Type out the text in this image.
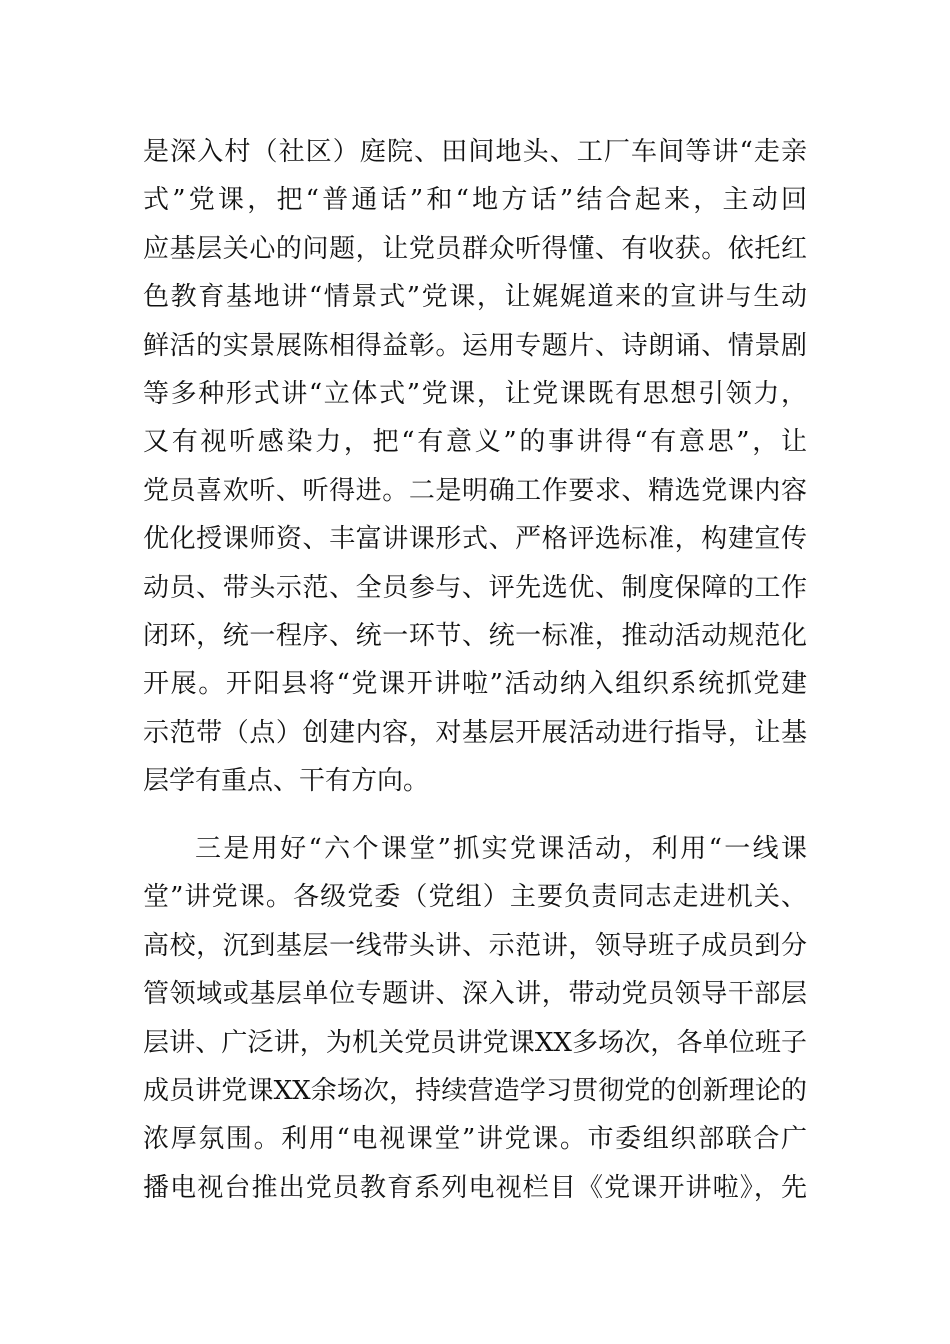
是深入村（社区）庭院、田间地头、工厂车间等讲“走亲
式”党课，把“普通话”和“地方话”结合起来，主动回
应基层关心的问题，让党员群众听得懂、有收获。依托红
色教育基地讲“情景式”党课，让娓娓道来的宣讲与生动
鲜活的实景展陈相得益彰。运用专题片、诗朗诵、情景剧
等多种形式讲“立体式”党课，让党课既有思想引领力，
又有视听感染力，把“有意义”的事讲得“有意思”，让
党员喜欢听、听得进。二是明确工作要求、精选党课内容
优化授课师资、丰富讲课形式、严格评选标准，构建宣传
动员、带头示范、全员参与、评先选优、制度保障的工作
闭环，统一程序、统一环节、统一标准，推动活动规范化
开展。开阳县将“党课开讲啦”活动纳入组织系统抓党建
示范带（点）创建内容，对基层开展活动进行指导，让基
层学有重点、干有方向。
三是用好“六个课堂”抓实党课活动，利用“一线课
堂”讲党课。各级党委（党组）主要负责同志走进机关、
高校，沉到基层一线带头讲、示范讲，领导班子成员到分
管领域或基层单位专题讲、深入讲，带动党员领导干部层
层讲、广泛讲，为机关党员讲党课XX多场次，各单位班子
成员讲党课XX余场次，持续营造学习贯彻党的创新理论的
浓厚氛围。利用“电视课堂”讲党课。市委组织部联合广
播电视台推出党员教育系列电视栏目《党课开讲啦》，先
